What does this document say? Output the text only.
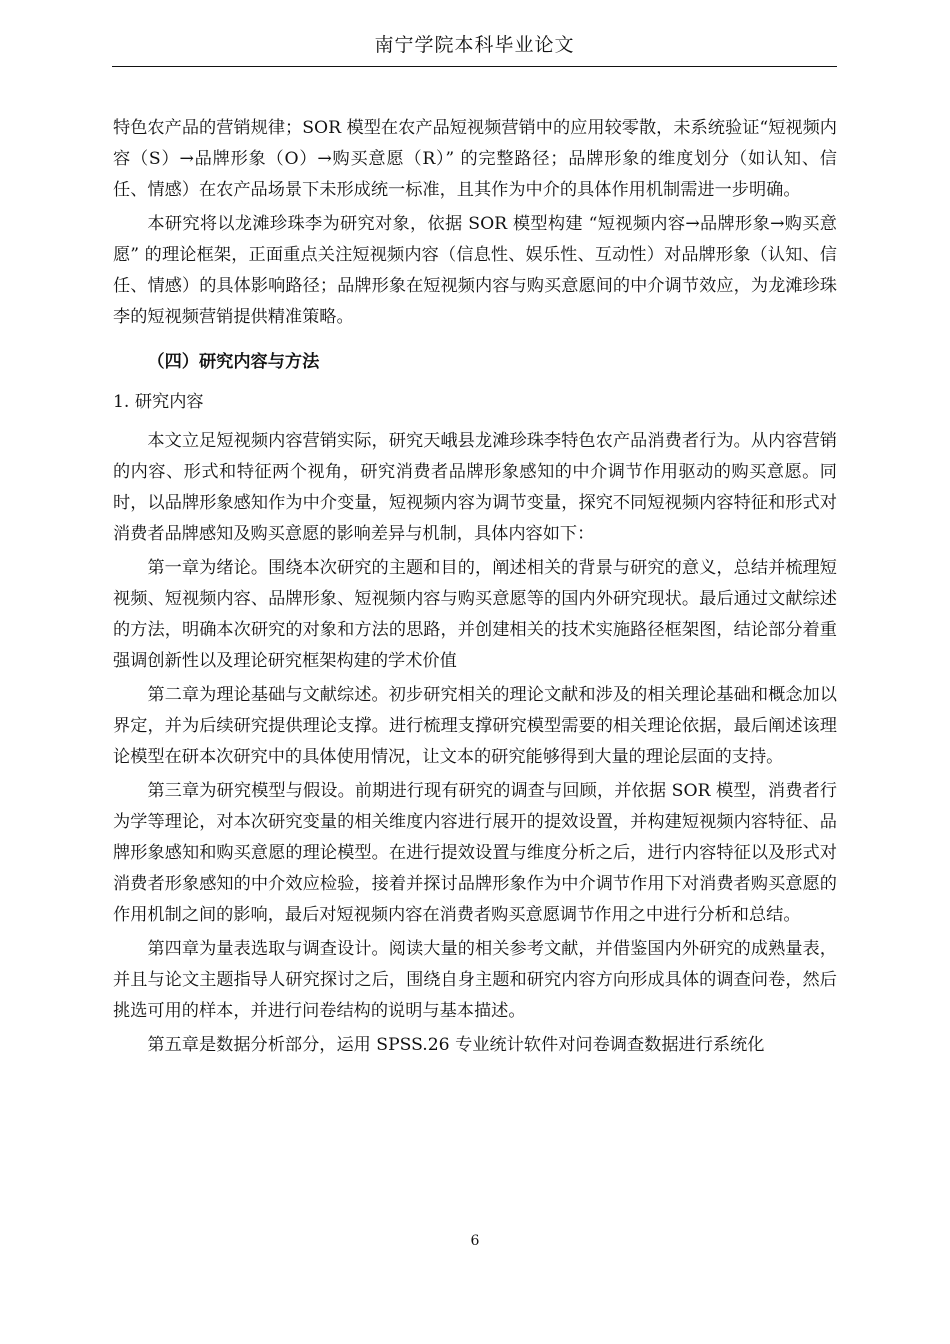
南宁学院本科毕业论文

特色农产品的营销规律；SOR 模型在农产品短视频营销中的应用较零散，未系统验证“短视频内容（S）→品牌形象（O）→购买意愿（R）” 的完整路径；品牌形象的维度划分（如认知、信任、情感）在农产品场景下未形成统一标准，且其作为中介的具体作用机制需进一步明确。

本研究将以龙滩珍珠李为研究对象，依据 SOR 模型构建 “短视频内容→品牌形象→购买意愿” 的理论框架，正面重点关注短视频内容（信息性、娱乐性、互动性）对品牌形象（认知、信任、情感）的具体影响路径；品牌形象在短视频内容与购买意愿间的中介调节效应，为龙滩珍珠李的短视频营销提供精准策略。

（四）研究内容与方法

1. 研究内容

本文立足短视频内容营销实际，研究天峨县龙滩珍珠李特色农产品消费者行为。从内容营销的内容、形式和特征两个视角，研究消费者品牌形象感知的中介调节作用驱动的购买意愿。同时，以品牌形象感知作为中介变量，短视频内容为调节变量，探究不同短视频内容特征和形式对消费者品牌感知及购买意愿的影响差异与机制，具体内容如下：

第一章为绪论。围绕本次研究的主题和目的，阐述相关的背景与研究的意义，总结并梳理短视频、短视频内容、品牌形象、短视频内容与购买意愿等的国内外研究现状。最后通过文献综述的方法，明确本次研究的对象和方法的思路，并创建相关的技术实施路径框架图，结论部分着重强调创新性以及理论研究框架构建的学术价值

第二章为理论基础与文献综述。初步研究相关的理论文献和涉及的相关理论基础和概念加以界定，并为后续研究提供理论支撑。进行梳理支撑研究模型需要的相关理论依据，最后阐述该理论模型在研本次研究中的具体使用情况，让文本的研究能够得到大量的理论层面的支持。

第三章为研究模型与假设。前期进行现有研究的调查与回顾，并依据 SOR 模型，消费者行为学等理论，对本次研究变量的相关维度内容进行展开的提效设置，并构建短视频内容特征、品牌形象感知和购买意愿的理论模型。在进行提效设置与维度分析之后，进行内容特征以及形式对消费者形象感知的中介效应检验，接着并探讨品牌形象作为中介调节作用下对消费者购买意愿的作用机制之间的影响，最后对短视频内容在消费者购买意愿调节作用之中进行分析和总结。

第四章为量表选取与调查设计。阅读大量的相关参考文献，并借鉴国内外研究的成熟量表，并且与论文主题指导人研究探讨之后，围绕自身主题和研究内容方向形成具体的调查问卷，然后挑选可用的样本，并进行问卷结构的说明与基本描述。

第五章是数据分析部分，运用 SPSS.26 专业统计软件对问卷调查数据进行系统化

6
